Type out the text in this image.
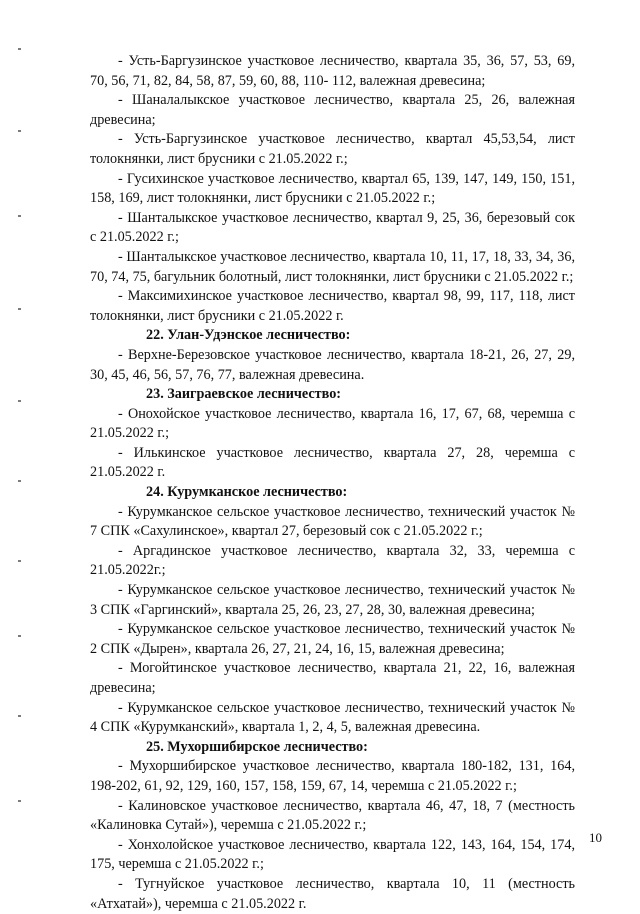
- Усть-Баргузинское участковое лесничество, квартала 35, 36, 57, 53, 69, 70, 56, 71, 82, 84, 58, 87, 59, 60, 88, 110- 112, валежная древесина;

- Шаналалыкское участковое лесничество, квартала 25, 26, валежная древесина;

- Усть-Баргузинское участковое лесничество, квартал 45,53,54, лист толокнянки, лист брусники с 21.05.2022 г.;

- Гусихинское участковое лесничество, квартал 65, 139, 147, 149, 150, 151, 158, 169, лист толокнянки, лист брусники с 21.05.2022 г.;

- Шанталыкское участковое лесничество, квартал 9, 25, 36, березовый сок с 21.05.2022 г.;

- Шанталыкское участковое лесничество, квартала 10, 11, 17, 18, 33, 34, 36, 70, 74, 75, багульник болотный, лист толокнянки, лист брусники с 21.05.2022 г.;

- Максимихинское участковое лесничество, квартал 98, 99, 117, 118, лист толокнянки, лист брусники с 21.05.2022 г.

22. Улан-Удэнское лесничество:

- Верхне-Березовское участковое лесничество, квартала 18-21, 26, 27, 29, 30, 45, 46, 56, 57, 76, 77, валежная древесина.

23. Заиграевское лесничество:

- Онохойское участковое лесничество, квартала 16, 17, 67, 68, черемша с 21.05.2022 г.;

- Илькинское участковое лесничество, квартала 27, 28, черемша с 21.05.2022 г.

24. Курумканское лесничество:

- Курумканское сельское участковое лесничество, технический участок № 7 СПК «Сахулинское», квартал 27, березовый сок с 21.05.2022 г.;

- Аргадинское участковое лесничество, квартала 32, 33, черемша с 21.05.2022г.;

- Курумканское сельское участковое лесничество, технический участок № 3 СПК «Гаргинский», квартала 25, 26, 23, 27, 28, 30, валежная древесина;

- Курумканское сельское участковое лесничество, технический участок № 2 СПК «Дырен», квартала 26, 27, 21, 24, 16, 15, валежная древесина;

- Могойтинское участковое лесничество, квартала 21, 22, 16, валежная древесина;

- Курумканское сельское участковое лесничество, технический участок № 4 СПК «Курумканский», квартала 1, 2, 4, 5, валежная древесина.

25. Мухоршибирское лесничество:

- Мухоршибирское участковое лесничество, квартала 180-182, 131, 164, 198-202, 61, 92, 129, 160, 157, 158, 159, 67, 14, черемша с 21.05.2022 г.;

- Калиновское участковое лесничество, квартала 46, 47, 18, 7 (местность «Калиновка Сутай»), черемша с 21.05.2022 г.;

- Хонхолойское участковое лесничество, квартала 122, 143, 164, 154, 174, 175, черемша с 21.05.2022 г.;

- Тугнуйское участковое лесничество, квартала 10, 11 (местность «Атхатай»), черемша с 21.05.2022 г.

10
